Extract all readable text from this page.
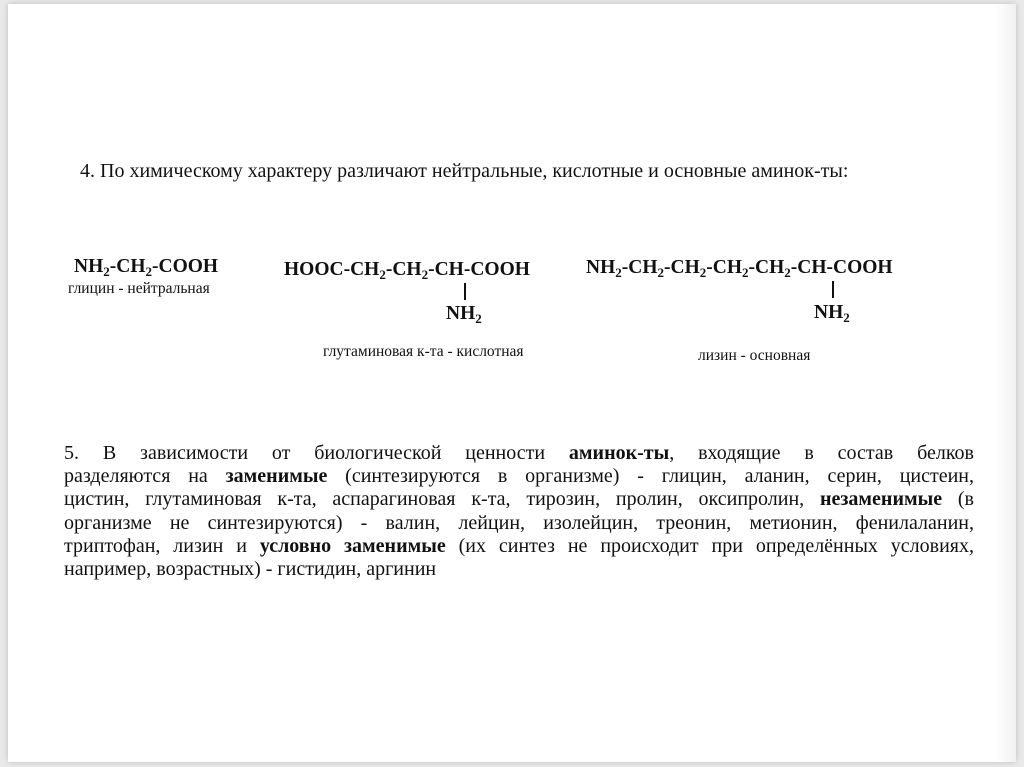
4. По химическому характеру различают нейтральные, кислотные и основные аминок-ты:
$NH_2-CH_2$-COOH
глицин - нейтральная
HOOC-$CH_2-CH_2-CH$-COOH
$NH_2$
глутаминовая к-та - кислотная
$NH_2-CH_2-CH_2-CH_2-CH_2-CH$-COOH
$NH_2$
лизин - основная
5. В зависимости от биологической ценности аминок-ты, входящие в состав белков
разделяются на заменимые (синтезируются в организме) - глицин, аланин, серин, цистеин,
цистин, глутаминовая к-та, аспарагиновая к-та, тирозин, пролин, оксипролин, незаменимые (в
организме не синтезируются) - валин, лейцин, изолейцин, треонин, метионин, фенилаланин,
триптофан, лизин и условно заменимые (их синтез не происходит при определённых условиях,
например, возрастных) - гистидин, аргинин
